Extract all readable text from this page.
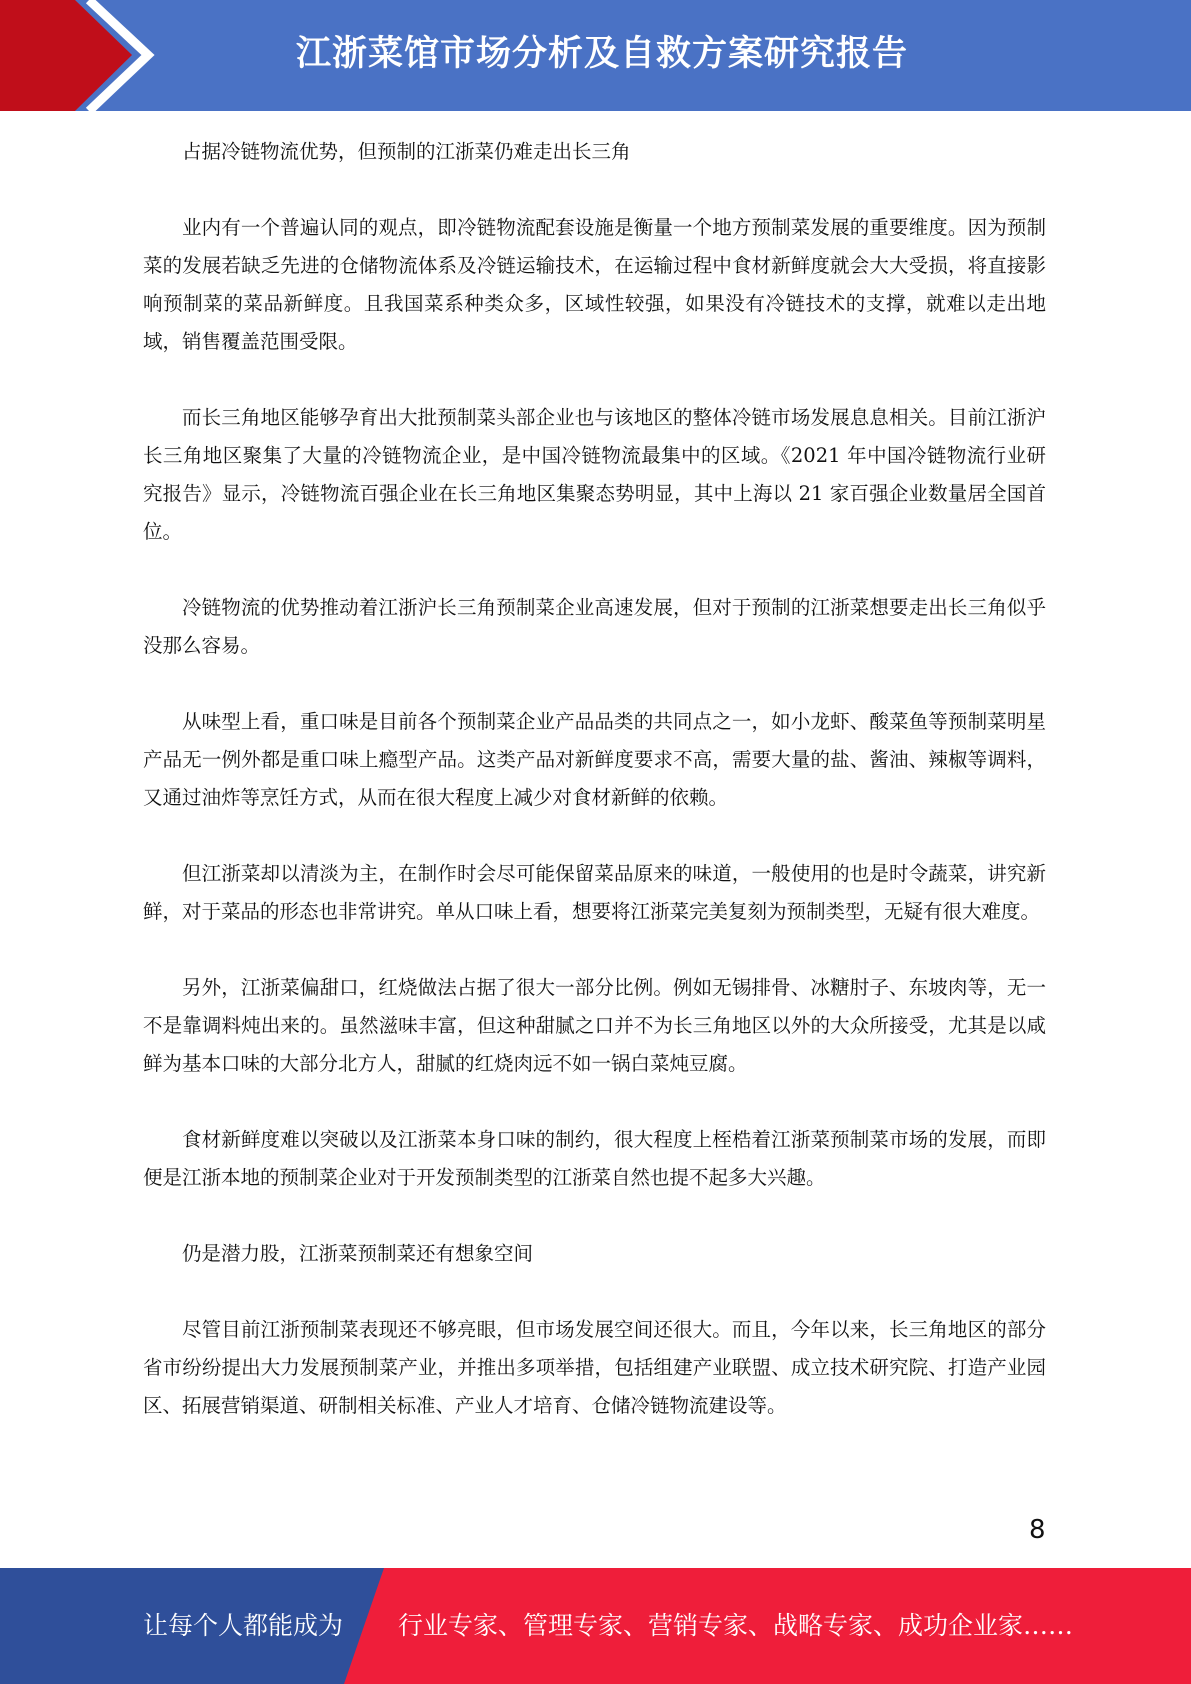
江浙菜馆市场分析及自救方案研究报告

占据冷链物流优势，但预制的江浙菜仍难走出长三角

业内有一个普遍认同的观点，即冷链物流配套设施是衡量一个地方预制菜发展的重要维度。因为预制菜的发展若缺乏先进的仓储物流体系及冷链运输技术，在运输过程中食材新鲜度就会大大受损，将直接影响预制菜的菜品新鲜度。且我国菜系种类众多，区域性较强，如果没有冷链技术的支撑，就难以走出地域，销售覆盖范围受限。

而长三角地区能够孕育出大批预制菜头部企业也与该地区的整体冷链市场发展息息相关。目前江浙沪长三角地区聚集了大量的冷链物流企业，是中国冷链物流最集中的区域。《2021 年中国冷链物流行业研究报告》显示，冷链物流百强企业在长三角地区集聚态势明显，其中上海以 21 家百强企业数量居全国首位。

冷链物流的优势推动着江浙沪长三角预制菜企业高速发展，但对于预制的江浙菜想要走出长三角似乎没那么容易。

从味型上看，重口味是目前各个预制菜企业产品品类的共同点之一，如小龙虾、酸菜鱼等预制菜明星产品无一例外都是重口味上瘾型产品。这类产品对新鲜度要求不高，需要大量的盐、酱油、辣椒等调料，又通过油炸等烹饪方式，从而在很大程度上减少对食材新鲜的依赖。

但江浙菜却以清淡为主，在制作时会尽可能保留菜品原来的味道，一般使用的也是时令蔬菜，讲究新鲜，对于菜品的形态也非常讲究。单从口味上看，想要将江浙菜完美复刻为预制类型，无疑有很大难度。

另外，江浙菜偏甜口，红烧做法占据了很大一部分比例。例如无锡排骨、冰糖肘子、东坡肉等，无一不是靠调料炖出来的。虽然滋味丰富，但这种甜腻之口并不为长三角地区以外的大众所接受，尤其是以咸鲜为基本口味的大部分北方人，甜腻的红烧肉远不如一锅白菜炖豆腐。

食材新鲜度难以突破以及江浙菜本身口味的制约，很大程度上桎梏着江浙菜预制菜市场的发展，而即便是江浙本地的预制菜企业对于开发预制类型的江浙菜自然也提不起多大兴趣。

仍是潜力股，江浙菜预制菜还有想象空间

尽管目前江浙预制菜表现还不够亮眼，但市场发展空间还很大。而且，今年以来，长三角地区的部分省市纷纷提出大力发展预制菜产业，并推出多项举措，包括组建产业联盟、成立技术研究院、打造产业园区、拓展营销渠道、研制相关标准、产业人才培育、仓储冷链物流建设等。

8
让每个人都能成为 行业专家、管理专家、营销专家、战略专家、成功企业家……
